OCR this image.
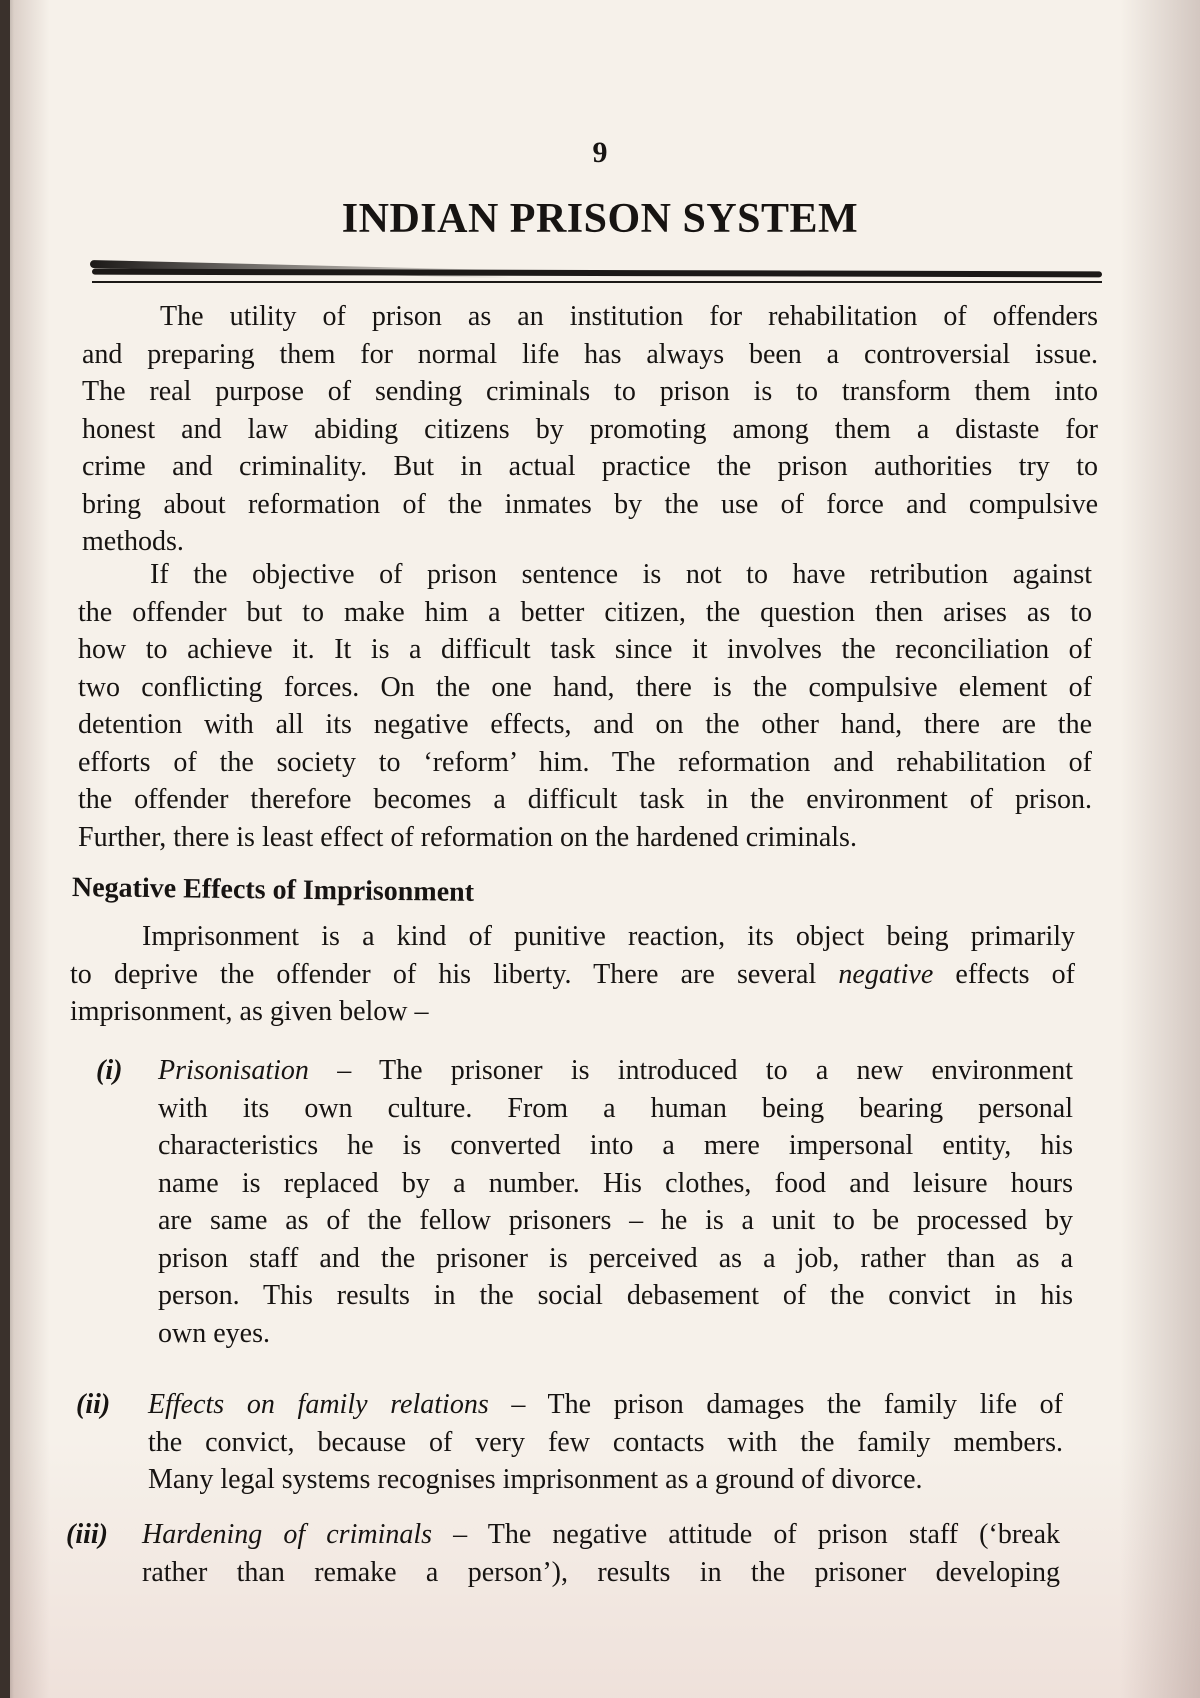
9
INDIAN PRISON SYSTEM
The utility of prison as an institution for rehabilitation of offenders
and preparing them for normal life has always been a controversial issue.
The real purpose of sending criminals to prison is to transform them into
honest and law abiding citizens by promoting among them a distaste for
crime and criminality. But in actual practice the prison authorities try to
bring about reformation of the inmates by the use of force and compulsive
methods.
If the objective of prison sentence is not to have retribution against
the offender but to make him a better citizen, the question then arises as to
how to achieve it. It is a difficult task since it involves the reconciliation of
two conflicting forces. On the one hand, there is the compulsive element of
detention with all its negative effects, and on the other hand, there are the
efforts of the society to ‘reform’ him. The reformation and rehabilitation of
the offender therefore becomes a difficult task in the environment of prison.
Further, there is least effect of reformation on the hardened criminals.
Negative Effects of Imprisonment
Imprisonment is a kind of punitive reaction, its object being primarily
to deprive the offender of his liberty. There are several negative effects of
imprisonment, as given below –
(i) Prisonisation – The prisoner is introduced to a new environment
with its own culture. From a human being bearing personal
characteristics he is converted into a mere impersonal entity, his
name is replaced by a number. His clothes, food and leisure hours
are same as of the fellow prisoners – he is a unit to be processed by
prison staff and the prisoner is perceived as a job, rather than as a
person. This results in the social debasement of the convict in his
own eyes.
(ii) Effects on family relations – The prison damages the family life of
the convict, because of very few contacts with the family members.
Many legal systems recognises imprisonment as a ground of divorce.
(iii) Hardening of criminals – The negative attitude of prison staff (‘break
rather than remake a person’), results in the prisoner developing
